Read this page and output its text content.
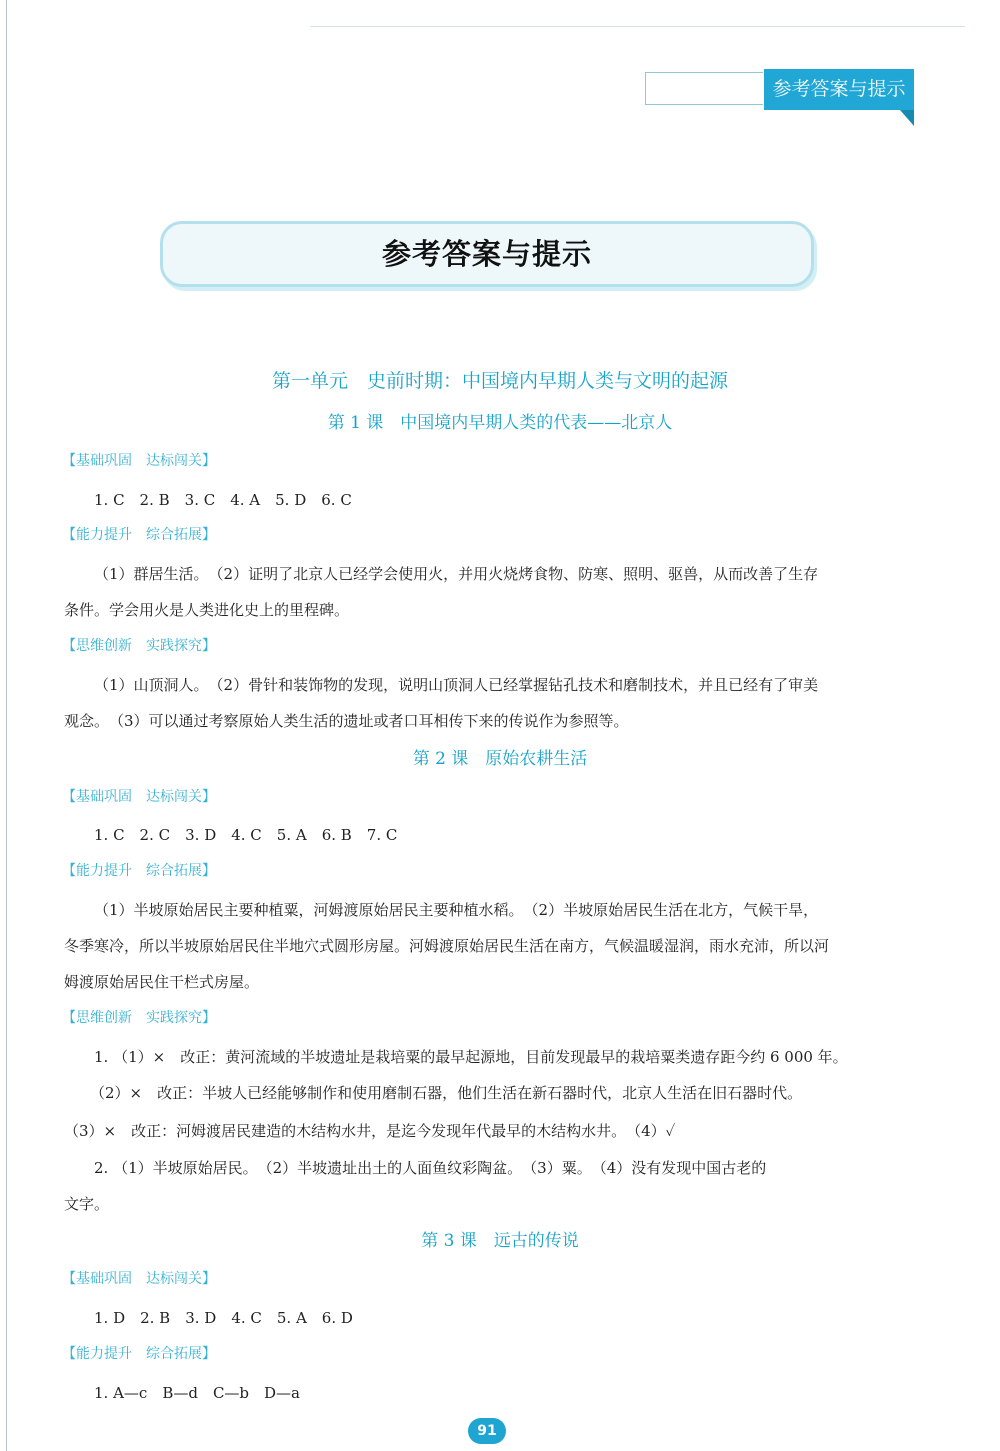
参考答案与提示
参考答案与提示
第一单元　史前时期：中国境内早期人类与文明的起源
第 1 课　中国境内早期人类的代表——北京人
【基础巩固　达标闯关】
1. C　2. B　3. C　4. A　5. D　6. C
【能力提升　综合拓展】
（1）群居生活。　（2）证明了北京人已经学会使用火，并用火烧烤食物、防寒、照明、驱兽，从而改善了生存
条件。学会用火是人类进化史上的里程碑。
【思维创新　实践探究】
（1）山顶洞人。　（2）骨针和装饰物的发现，说明山顶洞人已经掌握钻孔技术和磨制技术，并且已经有了审美
观念。　（3）可以通过考察原始人类生活的遗址或者口耳相传下来的传说作为参照等。
第 2 课　原始农耕生活
【基础巩固　达标闯关】
1. C　2. C　3. D　4. C　5. A　6. B　7. C
【能力提升　综合拓展】
（1）半坡原始居民主要种植粟，河姆渡原始居民主要种植水稻。　（2）半坡原始居民生活在北方，气候干旱，
冬季寒冷，所以半坡原始居民住半地穴式圆形房屋。河姆渡原始居民生活在南方，气候温暖湿润，雨水充沛，所以河
姆渡原始居民住干栏式房屋。
【思维创新　实践探究】
1. （1）×　改正：黄河流域的半坡遗址是栽培粟的最早起源地，目前发现最早的栽培粟类遗存距今约 6 000 年。
（2）×　改正：半坡人已经能够制作和使用磨制石器，他们生活在新石器时代，北京人生活在旧石器时代。
（3）×　改正：河姆渡居民建造的木结构水井，是迄今发现年代最早的木结构水井。　（4）✓
2. （1）半坡原始居民。　（2）半坡遗址出土的人面鱼纹彩陶盆。　（3）粟。　（4）没有发现中国古老的
文字。
第 3 课　远古的传说
【基础巩固　达标闯关】
1. D　2. B　3. D　4. C　5. A　6. D
【能力提升　综合拓展】
1. A—c　B—d　C—b　D—a
91
